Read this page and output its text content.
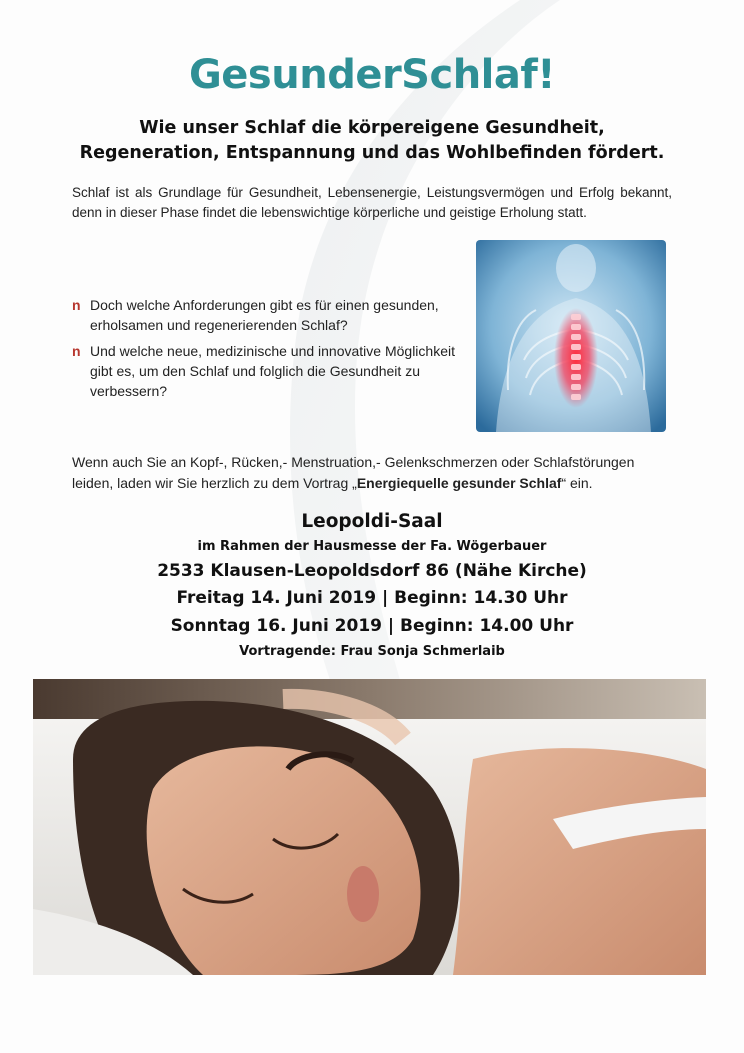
GesunderSchlaf!
Wie unser Schlaf die körpereigene Gesundheit,
Regeneration, Entspannung und das Wohlbefinden fördert.
Schlaf ist als Grundlage für Gesundheit, Lebensenergie, Leistungsvermögen und Erfolg bekannt, denn in dieser Phase findet die lebenswichtige körperliche und geistige Erholung statt.
n Doch welche Anforderungen gibt es für einen gesunden, erholsamen und regenerierenden Schlaf?
n Und welche neue, medizinische und innovative Möglichkeit gibt es, um den Schlaf und folglich die Gesundheit zu verbessern?
Wenn auch Sie an Kopf-, Rücken,- Menstruation,- Gelenkschmerzen oder Schlafstörungen leiden, laden wir Sie herzlich zu dem Vortrag „Energiequelle gesunder Schlaf“ ein.
Leopoldi-Saal
im Rahmen der Hausmesse der Fa. Wögerbauer
2533 Klausen-Leopoldsdorf 86 (Nähe Kirche)
Freitag 14. Juni 2019 | Beginn: 14.30 Uhr
Sonntag 16. Juni 2019 | Beginn: 14.00 Uhr
Vortragende: Frau Sonja Schmerlaib
